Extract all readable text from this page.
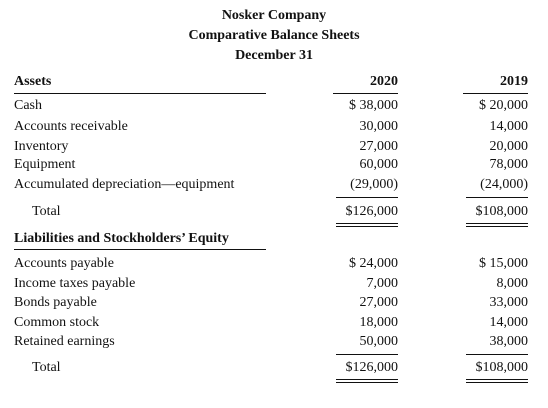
Nosker Company
Comparative Balance Sheets
December 31
Assets	2020	2019
Cash	$ 38,000	$ 20,000
Accounts receivable	30,000	14,000
Inventory	27,000	20,000
Equipment	60,000	78,000
Accumulated depreciation—equipment	(29,000)	(24,000)
Total	$126,000	$108,000
Liabilities and Stockholders’ Equity
Accounts payable	$ 24,000	$ 15,000
Income taxes payable	7,000	8,000
Bonds payable	27,000	33,000
Common stock	18,000	14,000
Retained earnings	50,000	38,000
Total	$126,000	$108,000
